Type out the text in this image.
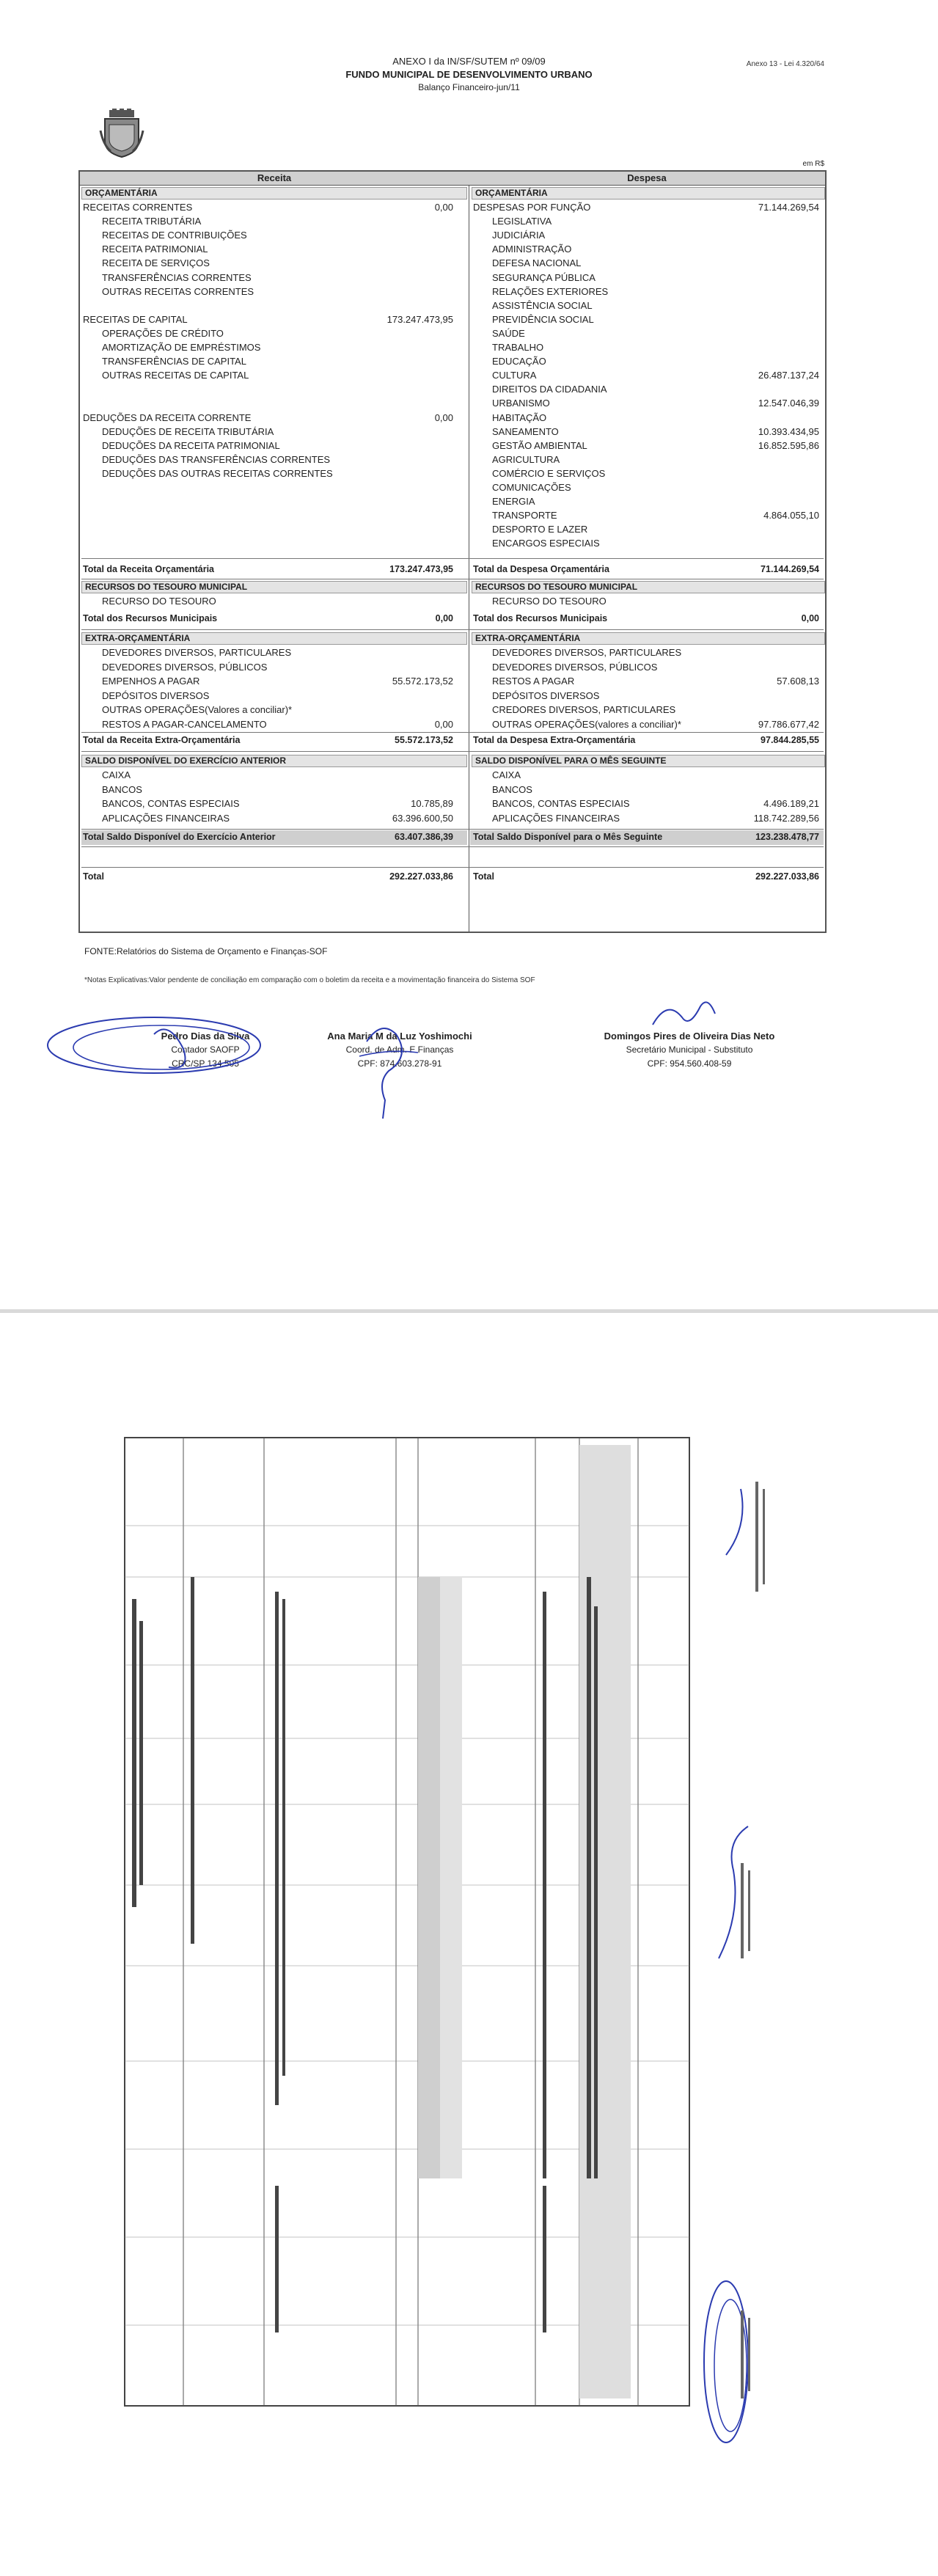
ANEXO I da IN/SF/SUTEM nº 09/09
FUNDO MUNICIPAL DE DESENVOLVIMENTO URBANO
Balanço Financeiro-jun/11
Anexo 13 - Lei 4.320/64
em R$
Receita	Despesa
ORÇAMENTÁRIA	ORÇAMENTÁRIA
RECEITAS CORRENTES	0,00
RECEITA TRIBUTÁRIA
RECEITAS DE CONTRIBUIÇÕES
RECEITA PATRIMONIAL
RECEITA DE SERVIÇOS
TRANSFERÊNCIAS CORRENTES
OUTRAS RECEITAS CORRENTES
RECEITAS DE CAPITAL	173.247.473,95
OPERAÇÕES DE CRÉDITO
AMORTIZAÇÃO DE EMPRÉSTIMOS
TRANSFERÊNCIAS DE CAPITAL
OUTRAS RECEITAS DE CAPITAL
DEDUÇÕES DA RECEITA CORRENTE	0,00
DEDUÇÕES DE RECEITA TRIBUTÁRIA
DEDUÇÕES DA RECEITA PATRIMONIAL
DEDUÇÕES DAS TRANSFERÊNCIAS CORRENTES
DEDUÇÕES DAS OUTRAS RECEITAS CORRENTES
DESPESAS POR FUNÇÃO	71.144.269,54
LEGISLATIVA
JUDICIÁRIA
ADMINISTRAÇÃO
DEFESA NACIONAL
SEGURANÇA PÚBLICA
RELAÇÕES EXTERIORES
ASSISTÊNCIA SOCIAL
PREVIDÊNCIA SOCIAL
SAÚDE
TRABALHO
EDUCAÇÃO
CULTURA	26.487.137,24
DIREITOS DA CIDADANIA
URBANISMO	12.547.046,39
HABITAÇÃO
SANEAMENTO	10.393.434,95
GESTÃO AMBIENTAL	16.852.595,86
AGRICULTURA
COMÉRCIO E SERVIÇOS
COMUNICAÇÕES
ENERGIA
TRANSPORTE	4.864.055,10
DESPORTO E LAZER
ENCARGOS ESPECIAIS
Total da Receita Orçamentária	173.247.473,95 Total da Despesa Orçamentária	71.144.269,54
RECURSOS DO TESOURO MUNICIPAL	RECURSOS DO TESOURO MUNICIPAL
RECURSO DO TESOURO	RECURSO DO TESOURO
Total dos Recursos Municipais	0,00 Total dos Recursos Municipais	0,00
EXTRA-ORÇAMENTÁRIA	EXTRA-ORÇAMENTÁRIA
DEVEDORES DIVERSOS, PARTICULARES
DEVEDORES DIVERSOS, PÚBLICOS
EMPENHOS A PAGAR	55.572.173,52
DEPÓSITOS DIVERSOS
OUTRAS OPERAÇÕES(Valores a conciliar)*
RESTOS A PAGAR-CANCELAMENTO	0,00
DEVEDORES DIVERSOS, PARTICULARES
DEVEDORES DIVERSOS, PÚBLICOS
RESTOS A PAGAR	57.608,13
DEPÓSITOS DIVERSOS
CREDORES DIVERSOS, PARTICULARES
OUTRAS OPERAÇÕES(valores a conciliar)*	97.786.677,42
Total da Receita Extra-Orçamentária	55.572.173,52 Total da Despesa Extra-Orçamentária	97.844.285,55
SALDO DISPONÍVEL DO EXERCÍCIO ANTERIOR	SALDO DISPONÍVEL PARA O MÊS SEGUINTE
CAIXA
BANCOS
BANCOS, CONTAS ESPECIAIS	10.785,89
APLICAÇÕES FINANCEIRAS	63.396.600,50
CAIXA
BANCOS
BANCOS, CONTAS ESPECIAIS	4.496.189,21
APLICAÇÕES FINANCEIRAS	118.742.289,56
Total Saldo Disponível do Exercício Anterior	63.407.386,39 Total Saldo Disponível para o Mês Seguinte	123.238.478,77
Total	292.227.033,86 Total	292.227.033,86
FONTE:Relatórios do Sistema de Orçamento e Finanças-SOF
*Notas Explicativas:Valor pendente de conciliação em comparação com o boletim da receita e a movimentação financeira do Sistema SOF
Pedro Dias da Silva
Contador SAOFP
CRC/SP 134.505
Ana Maria M da Luz Yoshimochi
Coord. de Adm. E Finanças
CPF: 874.603.278-91
Domingos Pires de Oliveira Dias Neto
Secretário Municipal - Substituto
CPF: 954.560.408-59
